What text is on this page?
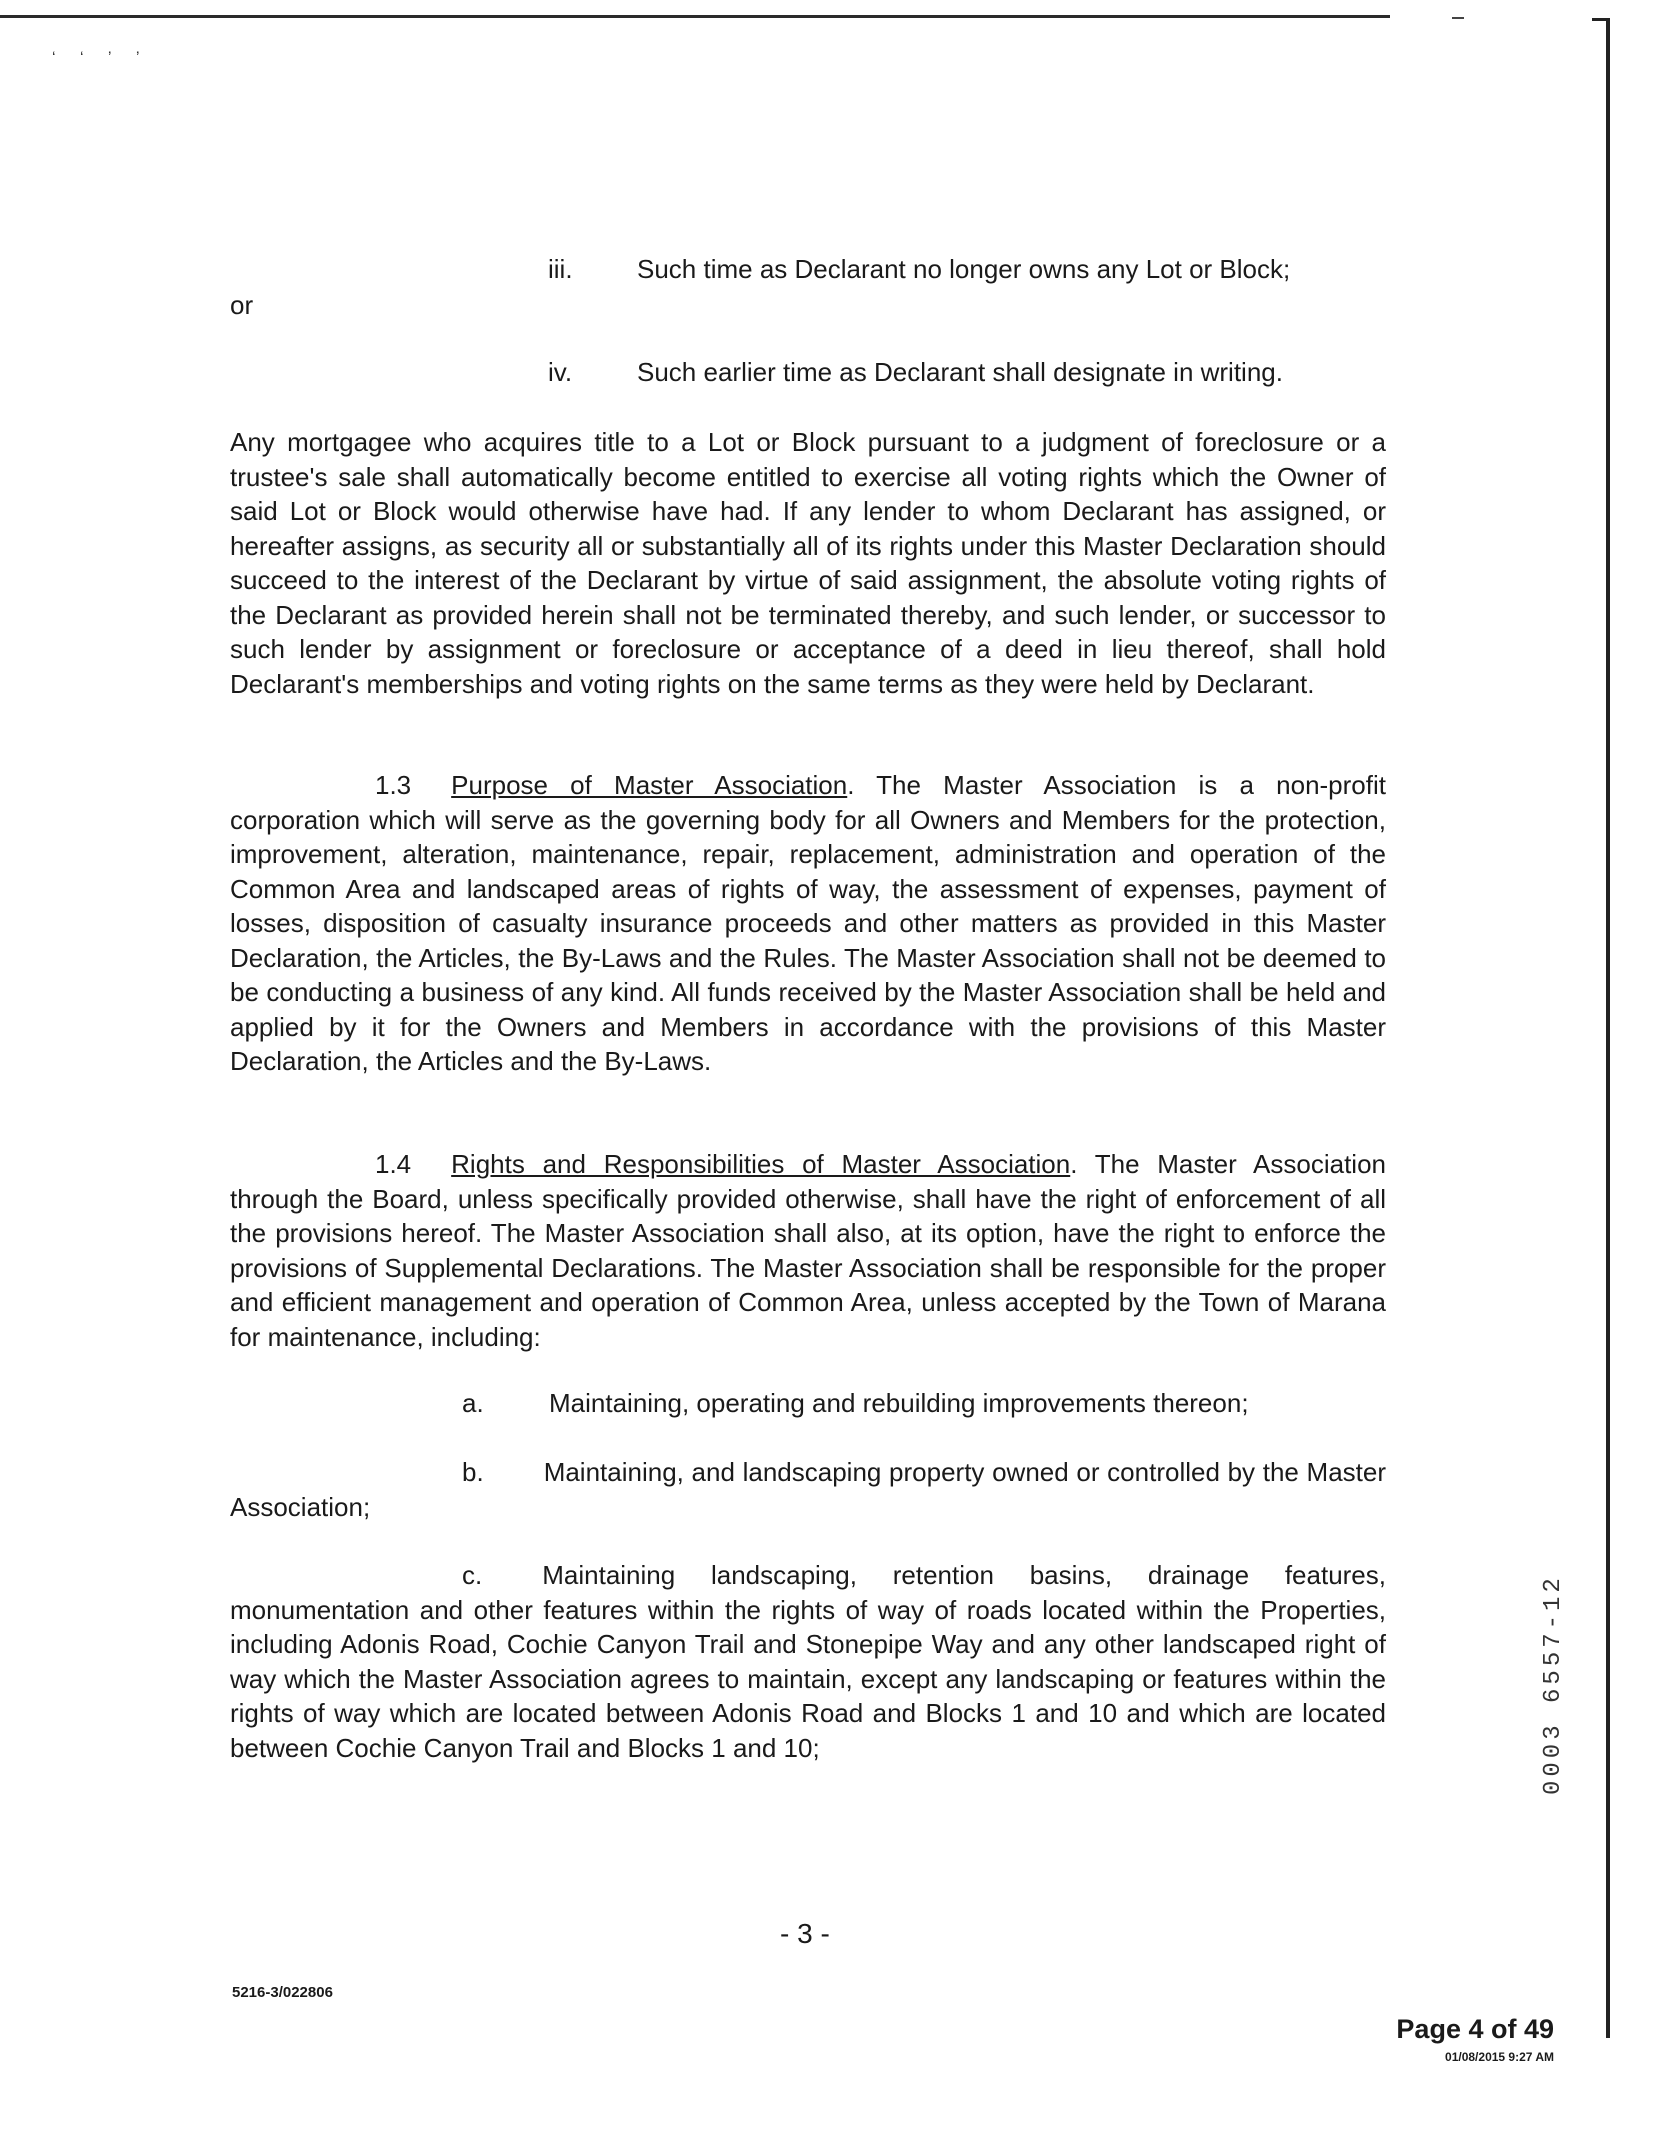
ʻ ʻ ʼ ʼ
iii. Such time as Declarant no longer owns any Lot or Block;
or
iv. Such earlier time as Declarant shall designate in writing.
Any mortgagee who acquires title to a Lot or Block pursuant to a judgment of foreclosure or a trustee's sale shall automatically become entitled to exercise all voting rights which the Owner of said Lot or Block would otherwise have had. If any lender to whom Declarant has assigned, or hereafter assigns, as security all or substantially all of its rights under this Master Declaration should succeed to the interest of the Declarant by virtue of said assignment, the absolute voting rights of the Declarant as provided herein shall not be terminated thereby, and such lender, or successor to such lender by assignment or foreclosure or acceptance of a deed in lieu thereof, shall hold Declarant's memberships and voting rights on the same terms as they were held by Declarant.
1.3 Purpose of Master Association. The Master Association is a non-profit corporation which will serve as the governing body for all Owners and Members for the protection, improvement, alteration, maintenance, repair, replacement, administration and operation of the Common Area and landscaped areas of rights of way, the assessment of expenses, payment of losses, disposition of casualty insurance proceeds and other matters as provided in this Master Declaration, the Articles, the By-Laws and the Rules. The Master Association shall not be deemed to be conducting a business of any kind. All funds received by the Master Association shall be held and applied by it for the Owners and Members in accordance with the provisions of this Master Declaration, the Articles and the By-Laws.
1.4 Rights and Responsibilities of Master Association. The Master Association through the Board, unless specifically provided otherwise, shall have the right of enforcement of all the provisions hereof. The Master Association shall also, at its option, have the right to enforce the provisions of Supplemental Declarations. The Master Association shall be responsible for the proper and efficient management and operation of Common Area, unless accepted by the Town of Marana for maintenance, including:
a.	Maintaining, operating and rebuilding improvements thereon;
b. Maintaining, and landscaping property owned or controlled by the Master Association;
c. Maintaining landscaping, retention basins, drainage features, monumentation and other features within the rights of way of roads located within the Properties, including Adonis Road, Cochie Canyon Trail and Stonepipe Way and any other landscaped right of way which the Master Association agrees to maintain, except any landscaping or features within the rights of way which are located between Adonis Road and Blocks 1 and 10 and which are located between Cochie Canyon Trail and Blocks 1 and 10;	0003 6557-12
- 3 -
5216-3/022806
Page 4 of 49
01/08/2015 9:27 AM
